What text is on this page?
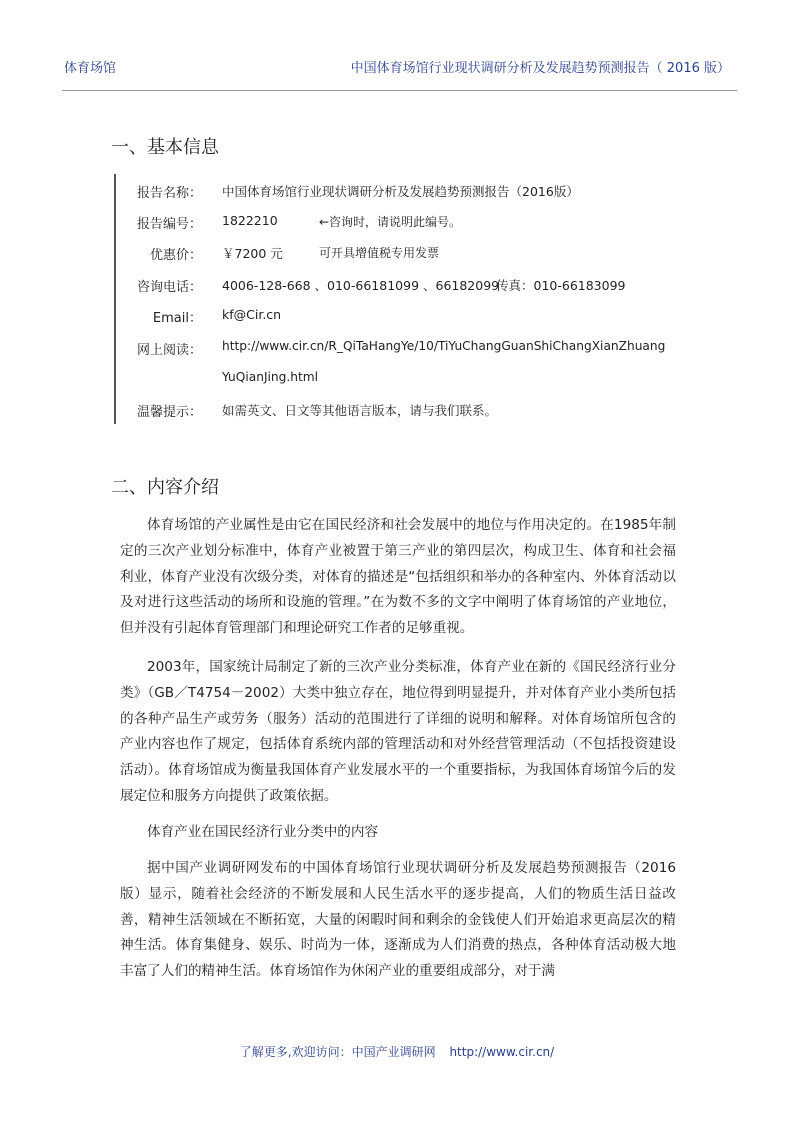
体育场馆	中国体育场馆行业现状调研分析及发展趋势预测报告（ 2016 版）
一、基本信息
报告名称： 中国体育场馆行业现状调研分析及发展趋势预测报告（2016版）
报告编号： 1822210	←咨询时，请说明此编号。
优惠价： ￥7200 元	可开具增值税专用发票
咨询电话： 4006-128-668 、010-66181099 、66182099
传真：010-66183099
Email： kf@Cir.cn
网上阅读： http://www.cir.cn/R_QiTaHangYe/10/TiYuChangGuanShiChangXianZhuang
YuQianJing.html
温馨提示： 如需英文、日文等其他语言版本，请与我们联系。
二、内容介绍

体育场馆的产业属性是由它在国民经济和社会发展中的地位与作用决定的。在1985年制定的三次产业划分标准中，体育产业被置于第三产业的第四层次，构成卫生、体育和社会福利业，体育产业没有次级分类，对体育的描述是“包括组织和举办的各种室内、外体育活动以及对进行这些活动的场所和设施的管理。”在为数不多的文字中阐明了体育场馆的产业地位，但并没有引起体育管理部门和理论研究工作者的足够重视。

2003年，国家统计局制定了新的三次产业分类标准，体育产业在新的《国民经济行业分类》（GB／T4754－2002）大类中独立存在，地位得到明显提升，并对体育产业小类所包括的各种产品生产或劳务（服务）活动的范围进行了详细的说明和解释。对体育场馆所包含的产业内容也作了规定，包括体育系统内部的管理活动和对外经营管理活动（不包括投资建设活动）。体育场馆成为衡量我国体育产业发展水平的一个重要指标，为我国体育场馆今后的发展定位和服务方向提供了政策依据。

体育产业在国民经济行业分类中的内容

据中国产业调研网发布的中国体育场馆行业现状调研分析及发展趋势预测报告（2016版）显示，随着社会经济的不断发展和人民生活水平的逐步提高，人们的物质生活日益改善，精神生活领域在不断拓宽，大量的闲暇时间和剩余的金钱使人们开始追求更高层次的精神生活。体育集健身、娱乐、时尚为一体，逐渐成为人们消费的热点，各种体育活动极大地丰富了人们的精神生活。体育场馆作为休闲产业的重要组成部分，对于满

了解更多,欢迎访问：中国产业调研网 http://www.cir.cn/
